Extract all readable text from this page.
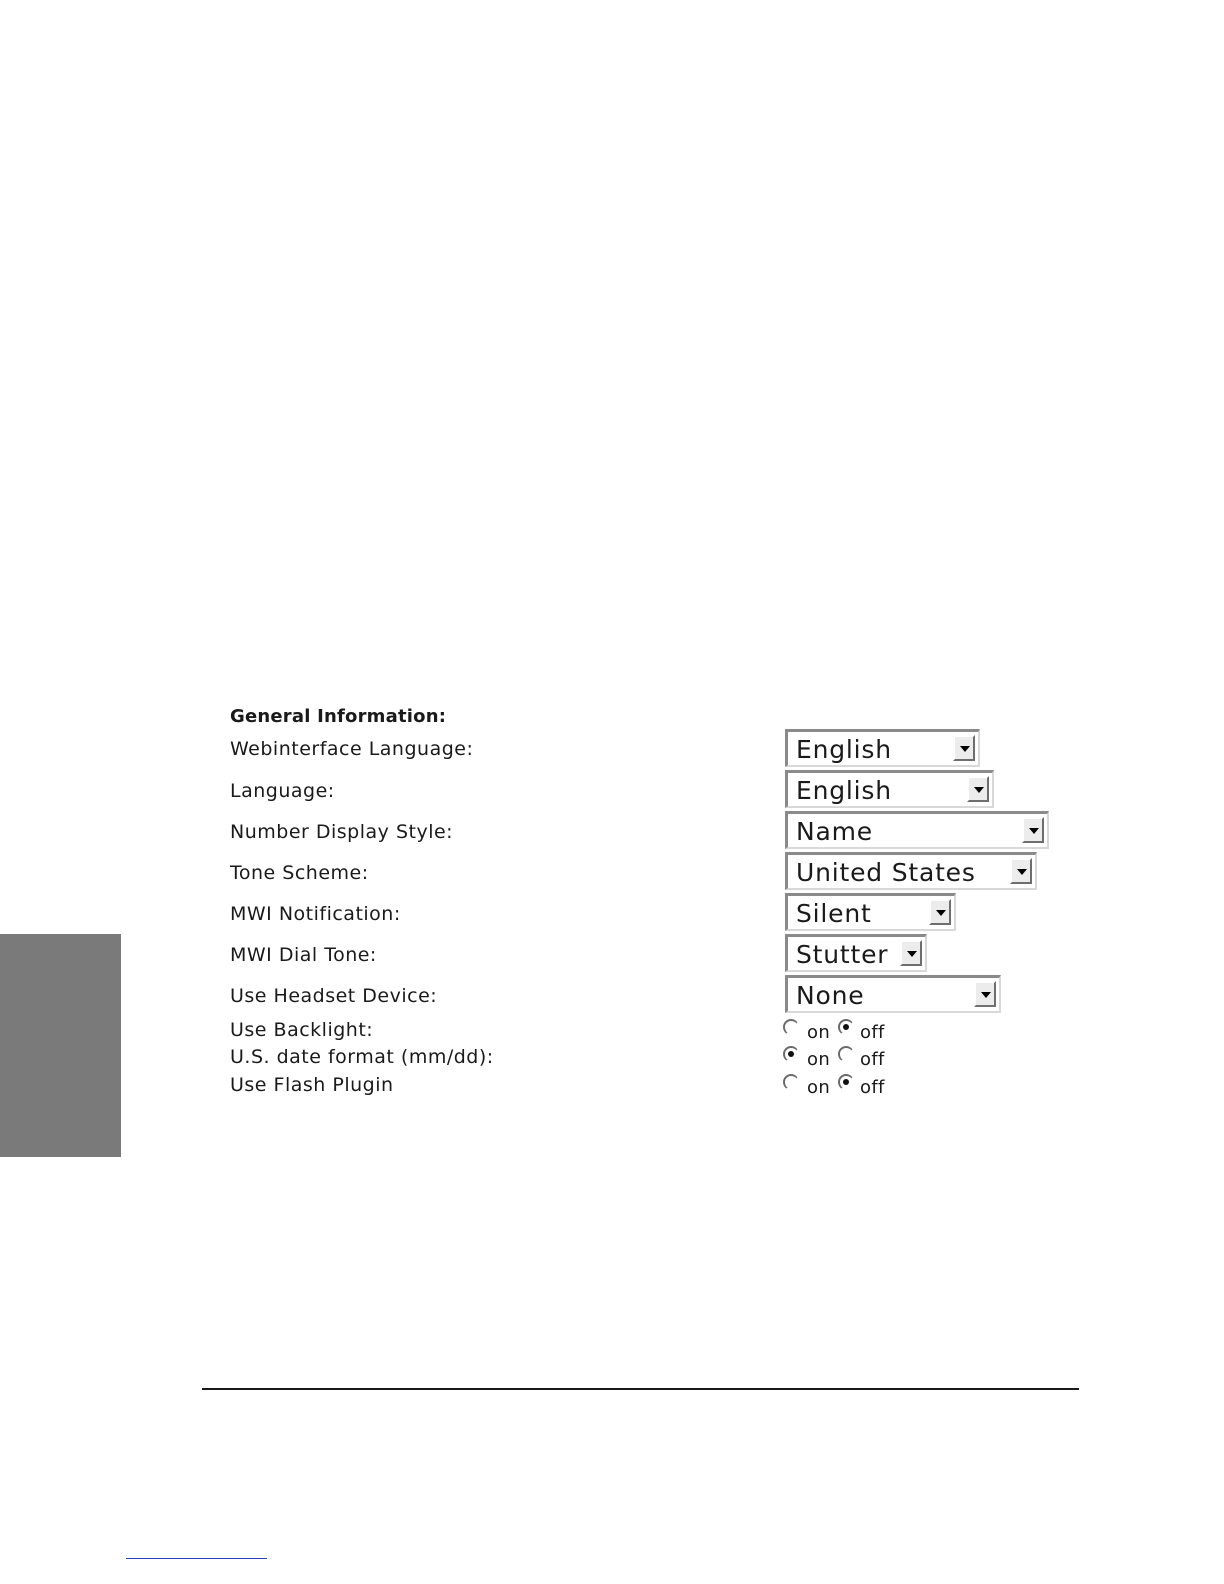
General Information:
Webinterface Language:	English
Language:	English
Number Display Style:	Name
Tone Scheme:	United States
MWI Notification:	Silent
MWI Dial Tone:	Stutter
Use Headset Device:	None
Use Backlight:	on off
U.S. date format (mm/dd):	on off
Use Flash Plugin	on off
